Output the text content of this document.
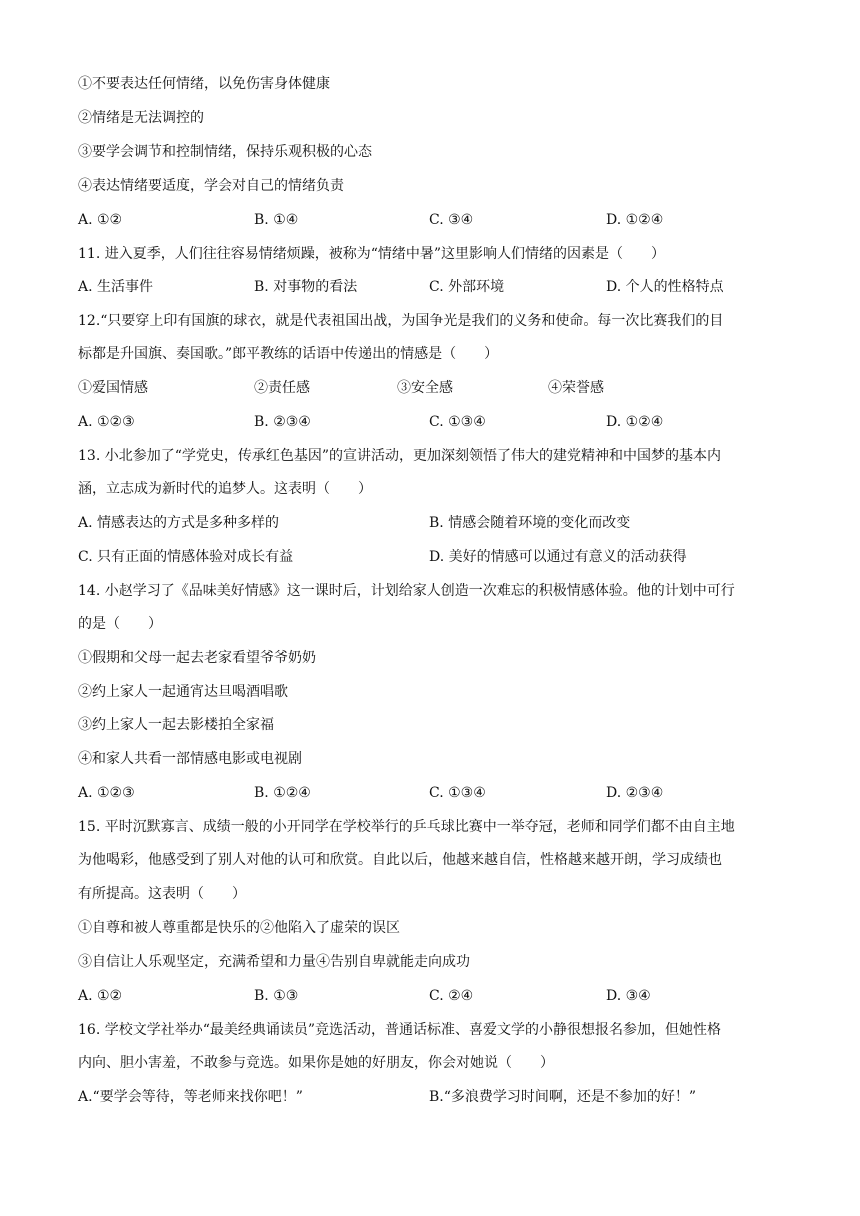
①不要表达任何情绪，以免伤害身体健康
②情绪是无法调控的
③要学会调节和控制情绪，保持乐观积极的心态
④表达情绪要适度，学会对自己的情绪负责
A. ①②	B. ①④	C. ③④	D. ①②④
11. 进入夏季，人们往往容易情绪烦躁，被称为“情绪中暑”这里影响人们情绪的因素是（　　）
A. 生活事件	B. 对事物的看法	C. 外部环境	D. 个人的性格特点
12.“只要穿上印有国旗的球衣，就是代表祖国出战，为国争光是我们的义务和使命。每一次比赛我们的目
标都是升国旗、奏国歌。”郎平教练的话语中传递出的情感是（　　）
①爱国情感	②责任感	③安全感	④荣誉感
A. ①②③	B. ②③④	C. ①③④	D. ①②④
13. 小北参加了“学党史，传承红色基因”的宣讲活动，更加深刻领悟了伟大的建党精神和中国梦的基本内
涵，立志成为新时代的追梦人。这表明（　　）
A. 情感表达的方式是多种多样的	B. 情感会随着环境的变化而改变
C. 只有正面的情感体验对成长有益	D. 美好的情感可以通过有意义的活动获得
14. 小赵学习了《品味美好情感》这一课时后，计划给家人创造一次难忘的积极情感体验。他的计划中可行
的是（　　）
①假期和父母一起去老家看望爷爷奶奶
②约上家人一起通宵达旦喝酒唱歌
③约上家人一起去影楼拍全家福
④和家人共看一部情感电影或电视剧
A. ①②③	B. ①②④	C. ①③④	D. ②③④
15. 平时沉默寡言、成绩一般的小开同学在学校举行的乒乓球比赛中一举夺冠，老师和同学们都不由自主地
为他喝彩，他感受到了别人对他的认可和欣赏。自此以后，他越来越自信，性格越来越开朗，学习成绩也
有所提高。这表明（　　）
①自尊和被人尊重都是快乐的②他陷入了虚荣的误区
③自信让人乐观坚定，充满希望和力量④告别自卑就能走向成功
A. ①②	B. ①③	C. ②④	D. ③④
16. 学校文学社举办“最美经典诵读员”竞选活动，普通话标准、喜爱文学的小静很想报名参加，但她性格
内向、胆小害羞，不敢参与竞选。如果你是她的好朋友，你会对她说（　　）
A.“要学会等待，等老师来找你吧！”	B.“多浪费学习时间啊，还是不参加的好！”
